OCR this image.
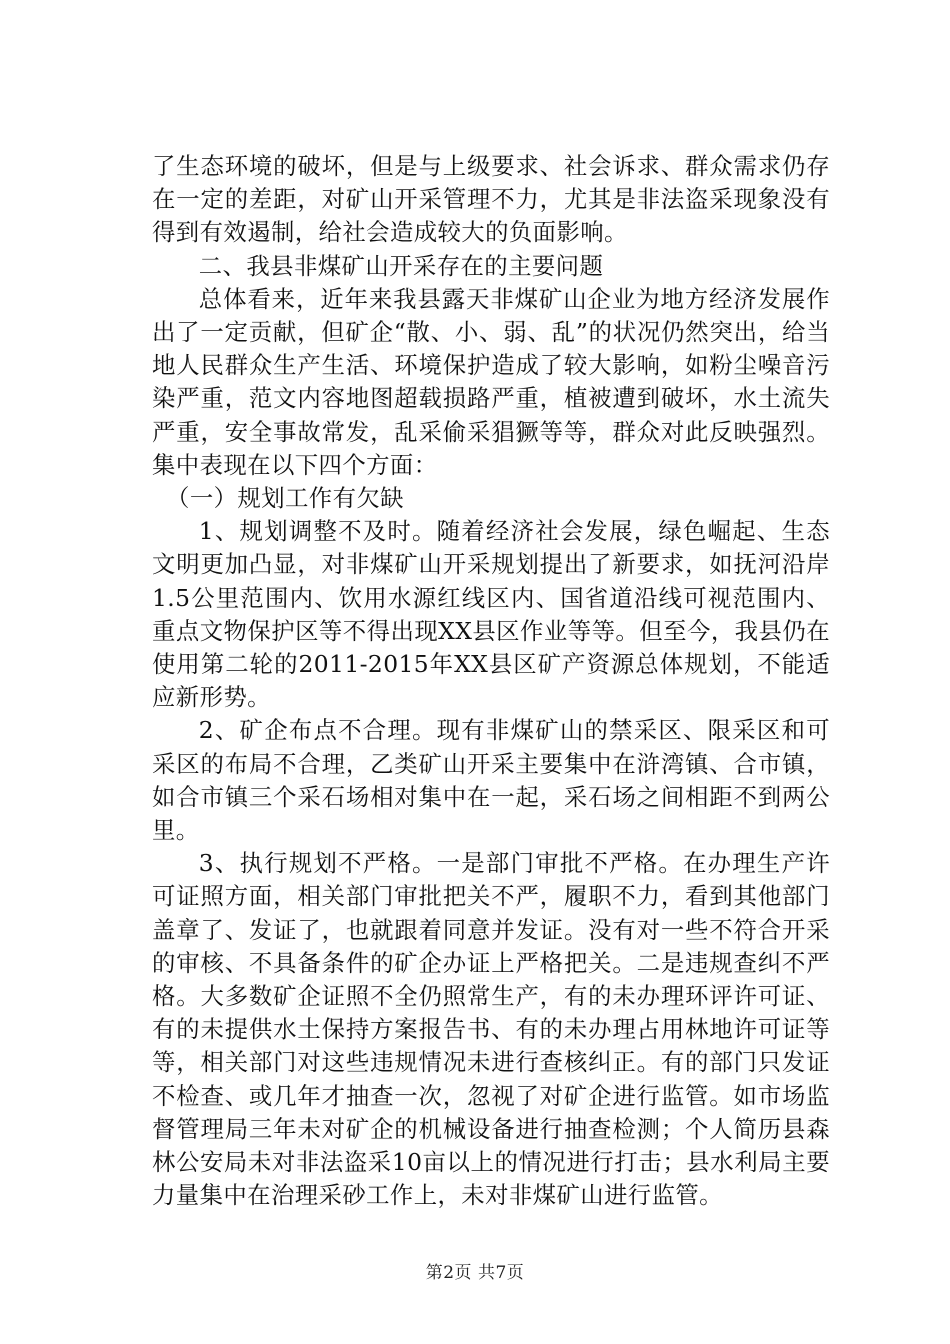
了生态环境的破坏，但是与上级要求、社会诉求、群众需求仍存在一定的差距，对矿山开采管理不力，尤其是非法盗采现象没有得到有效遏制，给社会造成较大的负面影响。

二、我县非煤矿山开采存在的主要问题

总体看来，近年来我县露天非煤矿山企业为地方经济发展作出了一定贡献，但矿企“散、小、弱、乱”的状况仍然突出，给当地人民群众生产生活、环境保护造成了较大影响，如粉尘噪音污染严重，范文内容地图超载损路严重，植被遭到破坏，水土流失严重，安全事故常发，乱采偷采猖獗等等，群众对此反映强烈。集中表现在以下四个方面：

（一）规划工作有欠缺

1、规划调整不及时。随着经济社会发展，绿色崛起、生态文明更加凸显，对非煤矿山开采规划提出了新要求，如抚河沿岸1.5公里范围内、饮用水源红线区内、国省道沿线可视范围内、重点文物保护区等不得出现XX县区作业等等。但至今，我县仍在使用第二轮的2011-2015年XX县区矿产资源总体规划，不能适应新形势。

2、矿企布点不合理。现有非煤矿山的禁采区、限采区和可采区的布局不合理，乙类矿山开采主要集中在浒湾镇、合市镇，如合市镇三个采石场相对集中在一起，采石场之间相距不到两公里。

3、执行规划不严格。一是部门审批不严格。在办理生产许可证照方面，相关部门审批把关不严，履职不力，看到其他部门盖章了、发证了，也就跟着同意并发证。没有对一些不符合开采的审核、不具备条件的矿企办证上严格把关。二是违规查纠不严格。大多数矿企证照不全仍照常生产，有的未办理环评许可证、有的未提供水土保持方案报告书、有的未办理占用林地许可证等等，相关部门对这些违规情况未进行查核纠正。有的部门只发证不检查、或几年才抽查一次，忽视了对矿企进行监管。如市场监督管理局三年未对矿企的机械设备进行抽查检测；个人简历县森林公安局未对非法盗采10亩以上的情况进行打击；县水利局主要力量集中在治理采砂工作上，未对非煤矿山进行监管。

第2页 共7页
